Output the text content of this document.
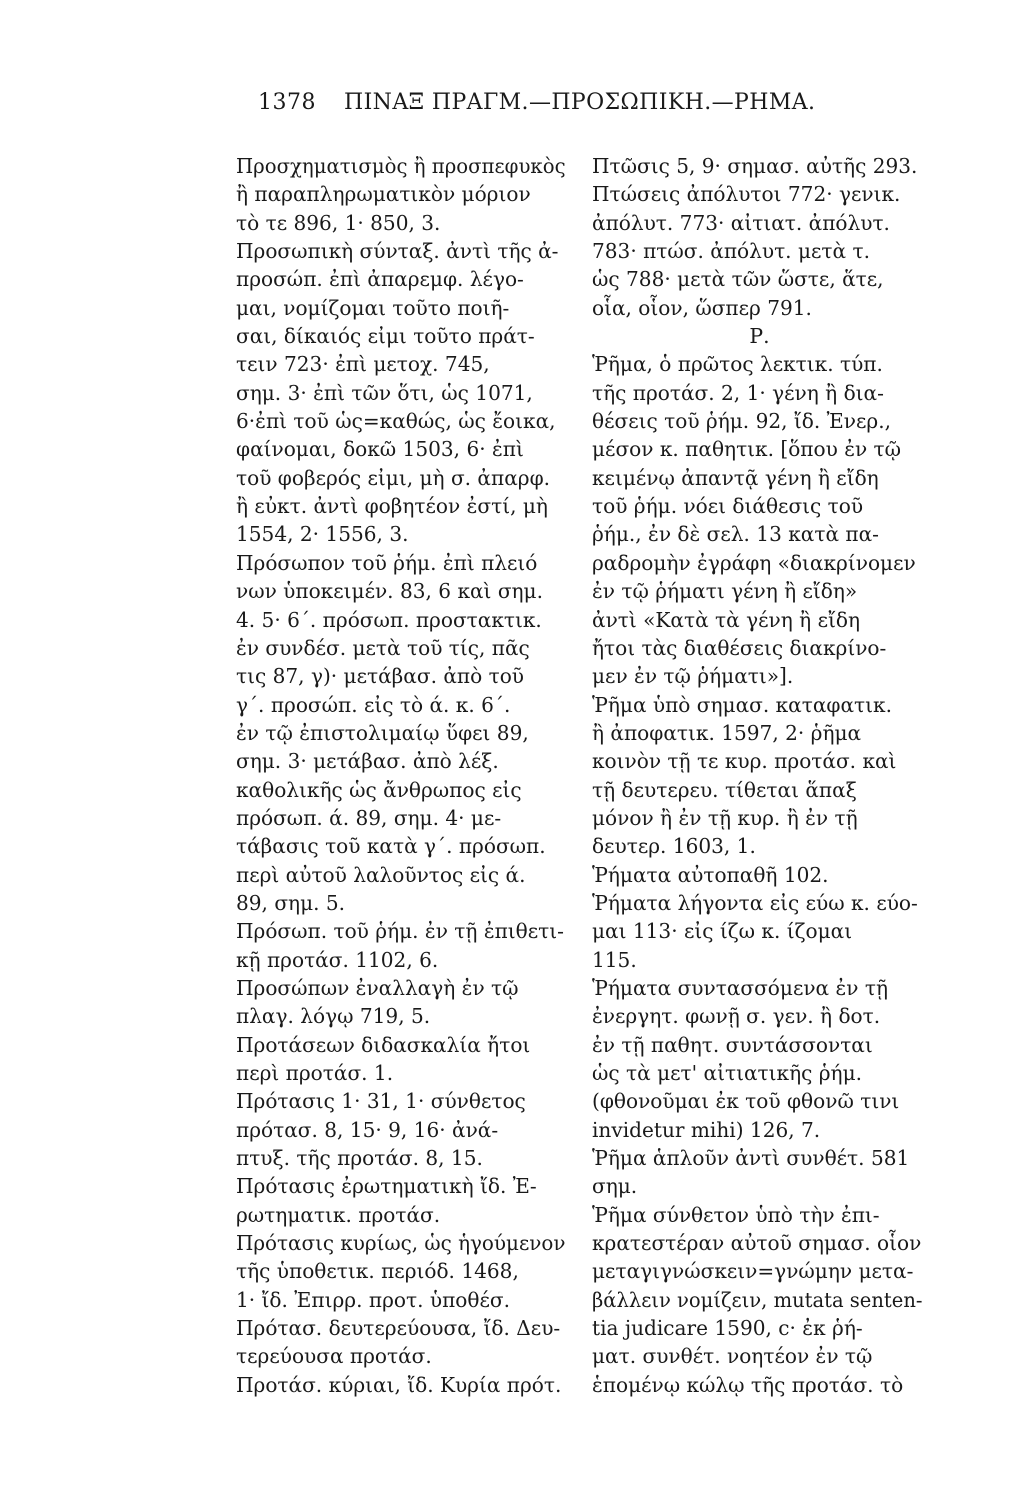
1378 ΠΙΝΑΞ ΠΡΑΓΜ.—ΠΡΟΣΩΠΙΚΗ.—ΡΗΜΑ.
Προσχηματισμὸς ἢ προσπεφυκὸς
ἢ παραπληρωματικὸν μόριον
τὸ τε 896, 1· 850, 3.
Προσωπικὴ σύνταξ. ἀντὶ τῆς ἀ-
προσώπ. ἐπὶ ἀπαρεμφ. λέγο-
μαι, νομίζομαι τοῦτο ποιῆ-
σαι, δίκαιός εἰμι τοῦτο πράτ-
τειν 723· ἐπὶ μετοχ. 745,
σημ. 3· ἐπὶ τῶν ὅτι, ὡς 1071,
6·ἐπὶ τοῦ ὡς=καθώς, ὡς ἔοικα,
φαίνομαι, δοκῶ 1503, 6· ἐπὶ
τοῦ φοβερός εἰμι, μὴ σ. ἀπαρφ.
ἢ εὐκτ. ἀντὶ φοβητέον ἐστί, μὴ
1554, 2· 1556, 3.
Πρόσωπον τοῦ ῥήμ. ἐπὶ πλειό
νων ὑποκειμέν. 83, 6 καὶ σημ.
4. 5· 6΄. πρόσωπ. προστακτικ.
ἐν συνδέσ. μετὰ τοῦ τίς, πᾶς
τις 87, γ)· μετάβασ. ἀπὸ τοῦ
γ΄. προσώπ. εἰς τὸ ά. κ. 6΄.
ἐν τῷ ἐπιστολιμαίῳ ὕφει 89,
σημ. 3· μετάβασ. ἀπὸ λέξ.
καθολικῆς ὡς ἄνθρωπος εἰς
πρόσωπ. ά. 89, σημ. 4· με-
τάβασις τοῦ κατὰ γ΄. πρόσωπ.
περὶ αὐτοῦ λαλοῦντος εἰς ά.
89, σημ. 5.
Πρόσωπ. τοῦ ῥήμ. ἐν τῇ ἐπιθετι-
κῇ προτάσ. 1102, 6.
Προσώπων ἐναλλαγὴ ἐν τῷ
πλαγ. λόγῳ 719, 5.
Προτάσεων διδασκαλία ἤτοι
περὶ προτάσ. 1.
Πρότασις 1· 31, 1· σύνθετος
πρότασ. 8, 15· 9, 16· ἀνά-
πτυξ. τῆς προτάσ. 8, 15.
Πρότασις ἐρωτηματικὴ ἴδ. Ἐ-
ρωτηματικ. προτάσ.
Πρότασις κυρίως, ὡς ἡγούμενον
τῆς ὑποθετικ. περιόδ. 1468,
1· ἴδ. Ἐπιρρ. προτ. ὑποθέσ.
Πρότασ. δευτερεύουσα, ἴδ. Δευ-
τερεύουσα προτάσ.
Προτάσ. κύριαι, ἴδ. Κυρία πρότ.
Πτῶσις 5, 9· σημασ. αὐτῆς 293.
Πτώσεις ἀπόλυτοι 772· γενικ.
ἀπόλυτ. 773· αἰτιατ. ἀπόλυτ.
783· πτώσ. ἀπόλυτ. μετὰ τ.
ὡς 788· μετὰ τῶν ὥστε, ἅτε,
οἷα, οἷον, ὥσπερ 791.
Ρ.
Ῥῆμα, ὁ πρῶτος λεκτικ. τύπ.
τῆς προτάσ. 2, 1· γένη ἢ δια-
θέσεις τοῦ ῥήμ. 92, ἴδ. Ἐνερ.,
μέσον κ. παθητικ. [ὅπου ἐν τῷ
κειμένῳ ἀπαντᾷ γένη ἢ εἴδη
τοῦ ῥήμ. νόει διάθεσις τοῦ
ῥήμ., ἐν δὲ σελ. 13 κατὰ πα-
ραδρομὴν ἐγράφη «διακρίνομεν
ἐν τῷ ῥήματι γένη ἢ εἴδη»
ἀντὶ «Κατὰ τὰ γένη ἢ εἴδη
ἤτοι τὰς διαθέσεις διακρίνο-
μεν ἐν τῷ ῥήματι»].
Ῥῆμα ὑπὸ σημασ. καταφατικ.
ἢ ἀποφατικ. 1597, 2· ῥῆμα
κοινὸν τῇ τε κυρ. προτάσ. καὶ
τῇ δευτερευ. τίθεται ἅπαξ
μόνον ἢ ἐν τῇ κυρ. ἢ ἐν τῇ
δευτερ. 1603, 1.
Ῥήματα αὐτοπαθῆ 102.
Ῥήματα λήγοντα εἰς εύω κ. εύο-
μαι 113· εἰς ίζω κ. ίζομαι
115.
Ῥήματα συντασσόμενα ἐν τῇ
ἐνεργητ. φωνῇ σ. γεν. ἢ δοτ.
ἐν τῇ παθητ. συντάσσονται
ὡς τὰ μετ' αἰτιατικῆς ῥήμ.
(φθονοῦμαι ἐκ τοῦ φθονῶ τινι
invidetur mihi) 126, 7.
Ῥῆμα ἁπλοῦν ἀντὶ συνθέτ. 581
σημ.
Ῥῆμα σύνθετον ὑπὸ τὴν ἐπι-
κρατεστέραν αὐτοῦ σημασ. οἷον
μεταγιγνώσκειν=γνώμην μετα-
βάλλειν νομίζειν, mutata senten-
tia judicare 1590, c· ἐκ ῥή-
ματ. συνθέτ. νοητέον ἐν τῷ
ἑπομένῳ κώλῳ τῆς προτάσ. τὸ
